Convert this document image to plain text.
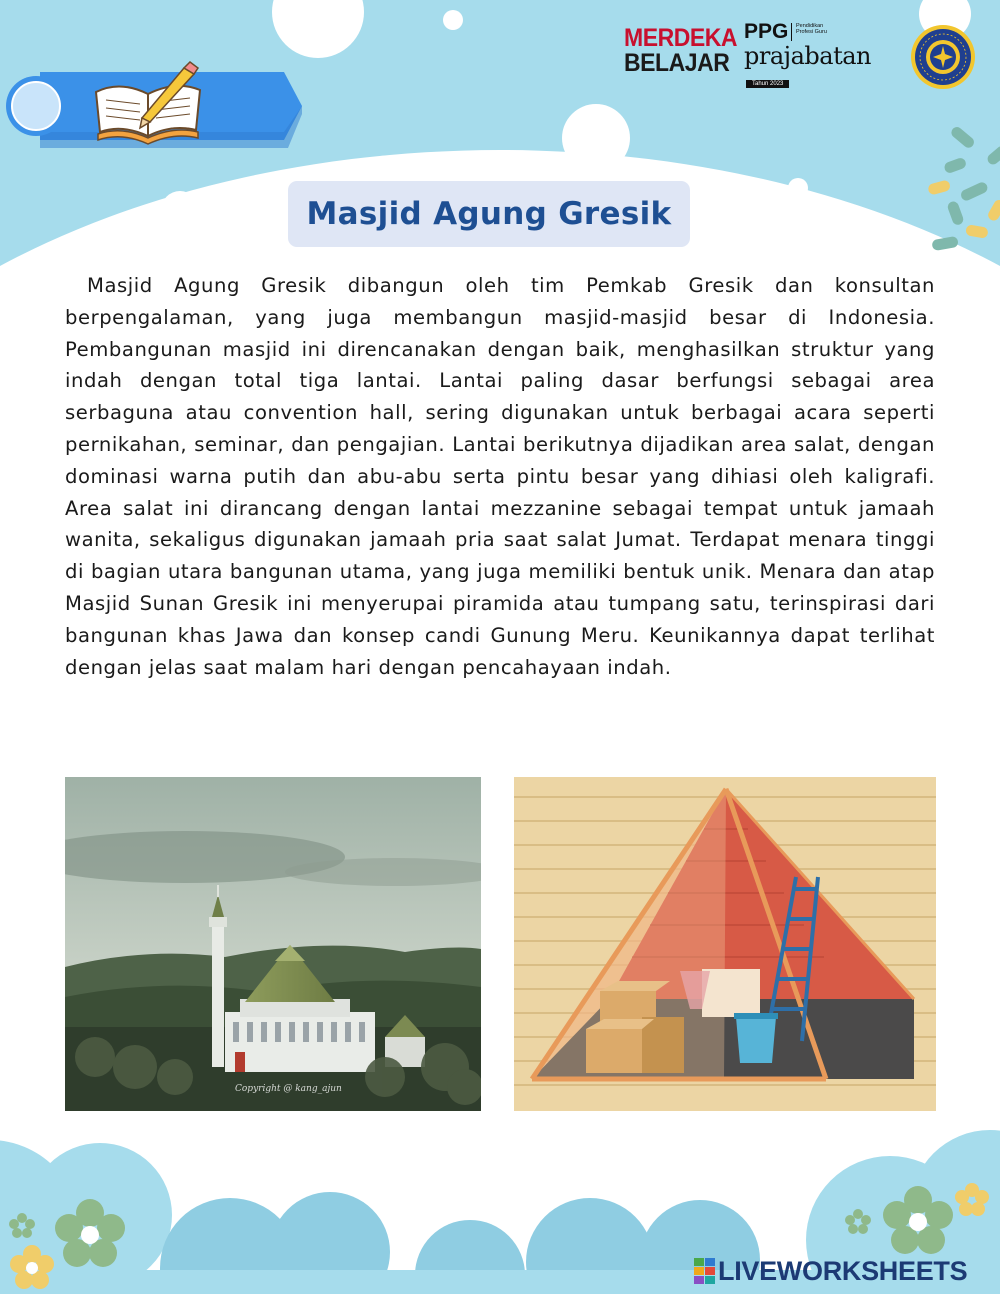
MERDEKA
BELAJAR
PPG Pendidikan Profesi Guru
prajabatan
Tahun 2023
Masjid Agung Gresik

Masjid Agung Gresik dibangun oleh tim Pemkab Gresik dan konsultan berpengalaman, yang juga membangun masjid-masjid besar di Indonesia. Pembangunan masjid ini direncanakan dengan baik, menghasilkan struktur yang indah dengan total tiga lantai. Lantai paling dasar berfungsi sebagai area serbaguna atau convention hall, sering digunakan untuk berbagai acara seperti pernikahan, seminar, dan pengajian. Lantai berikutnya dijadikan area salat, dengan dominasi warna putih dan abu-abu serta pintu besar yang dihiasi oleh kaligrafi. Area salat ini dirancang dengan lantai mezzanine sebagai tempat untuk jamaah wanita, sekaligus digunakan jamaah pria saat salat Jumat. Terdapat menara tinggi di bagian utara bangunan utama, yang juga memiliki bentuk unik. Menara dan atap Masjid Sunan Gresik ini menyerupai piramida atau tumpang satu, terinspirasi dari bangunan khas Jawa dan konsep candi Gunung Meru. Keunikannya dapat terlihat dengan jelas saat malam hari dengan pencahayaan indah.

Copyright @ kang_ajun
LIVEWORKSHEETS
